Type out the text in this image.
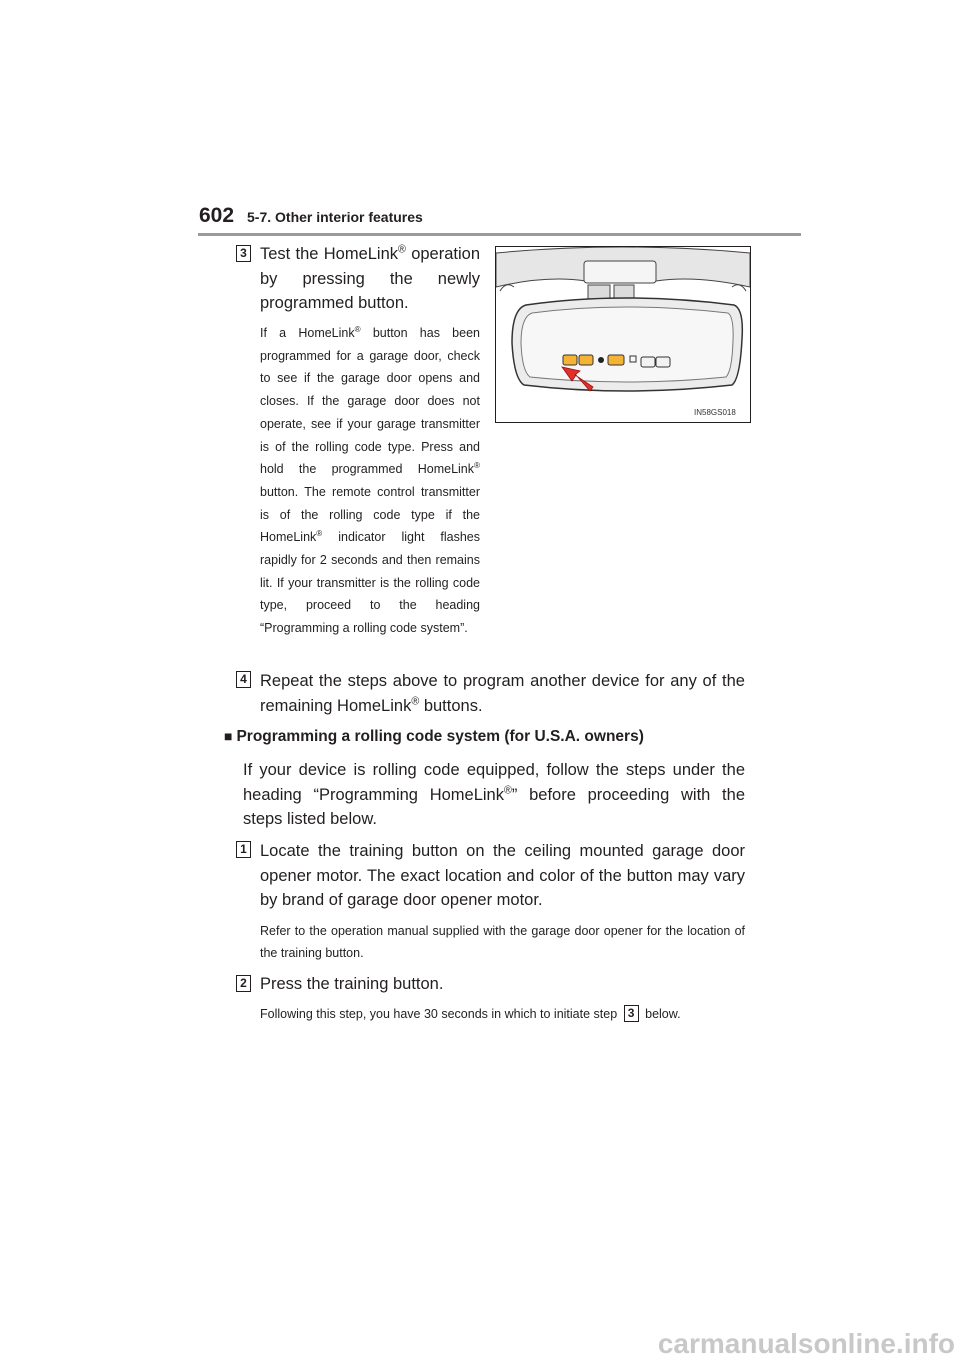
602 5-7. Other interior features
3 Test the HomeLink® operation by pressing the newly programmed button.
If a HomeLink® button has been programmed for a garage door, check to see if the garage door opens and closes. If the garage door does not operate, see if your garage transmitter is of the rolling code type. Press and hold the programmed HomeLink® button. The remote control transmitter is of the rolling code type if the HomeLink® indicator light flashes rapidly for 2 seconds and then remains lit. If your transmitter is the rolling code type, proceed to the heading “Programming a rolling code system”.
IN58GS018
4 Repeat the steps above to program another device for any of the remaining HomeLink® buttons.
■ Programming a rolling code system (for U.S.A. owners)
If your device is rolling code equipped, follow the steps under the heading “Programming HomeLink®” before proceeding with the steps listed below.
1 Locate the training button on the ceiling mounted garage door opener motor. The exact location and color of the button may vary by brand of garage door opener motor.
Refer to the operation manual supplied with the garage door opener for the location of the training button.
2 Press the training button.
Following this step, you have 30 seconds in which to initiate step 3 below.
carmanualsonline.info
